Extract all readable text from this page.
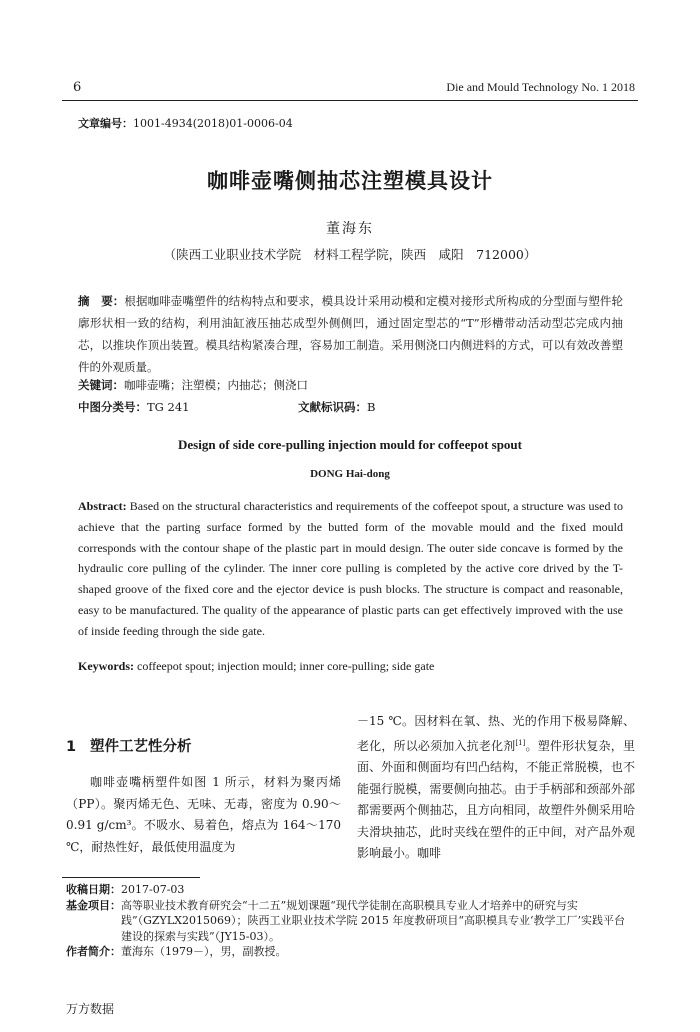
6	Die and Mould Technology No. 1 2018
文章编号：1001-4934(2018)01-0006-04
咖啡壶嘴侧抽芯注塑模具设计
董海东
（陕西工业职业技术学院　材料工程学院，陕西　咸阳　712000）
摘　要：根据咖啡壶嘴塑件的结构特点和要求，模具设计采用动模和定模对接形式所构成的分型面与塑件轮廓形状相一致的结构，利用油缸液压抽芯成型外侧侧凹，通过固定型芯的“T”形槽带动活动型芯完成内抽芯，以推块作顶出装置。模具结构紧凑合理，容易加工制造。采用侧浇口内侧进料的方式，可以有效改善塑件的外观质量。
关键词：咖啡壶嘴；注塑模；内抽芯；侧浇口
中图分类号：TG 241	文献标识码：B
Design of side core-pulling injection mould for coffeepot spout
DONG Hai-dong
Abstract: Based on the structural characteristics and requirements of the coffeepot spout, a structure was used to achieve that the parting surface formed by the butted form of the movable mould and the fixed mould corresponds with the contour shape of the plastic part in mould design. The outer side concave is formed by the hydraulic core pulling of the cylinder. The inner core pulling is completed by the active core drived by the T-shaped groove of the fixed core and the ejector device is push blocks. The structure is compact and reasonable, easy to be manufactured. The quality of the appearance of plastic parts can get effectively improved with the use of inside feeding through the side gate.
Keywords: coffeepot spout; injection mould; inner core-pulling; side gate
1 塑件工艺性分析
咖啡壶嘴柄塑件如图 1 所示，材料为聚丙烯（PP）。聚丙烯无色、无味、无毒，密度为 0.90～0.91 g/cm³。不吸水、易着色，熔点为 164～170 ℃，耐热性好，最低使用温度为
－15 ℃。因材料在氧、热、光的作用下极易降解、老化，所以必须加入抗老化剂[1]。塑件形状复杂，里面、外面和侧面均有凹凸结构，不能正常脱模，也不能强行脱模，需要侧向抽芯。由于手柄部和颈部外部都需要两个侧抽芯，且方向相同，故塑件外侧采用哈夫滑块抽芯，此时夹线在塑件的正中间，对产品外观影响最小。咖啡
收稿日期： 2017-07-03
基金项目： 高等职业技术教育研究会“十二五”规划课题“现代学徒制在高职模具专业人才培养中的研究与实践”（GZYLX2015069）；陕西工业职业技术学院 2015 年度教研项目“高职模具专业‘教学工厂’实践平台建设的探索与实践”（JY15-03）。
作者简介： 董海东（1979－），男，副教授。
万方数据
